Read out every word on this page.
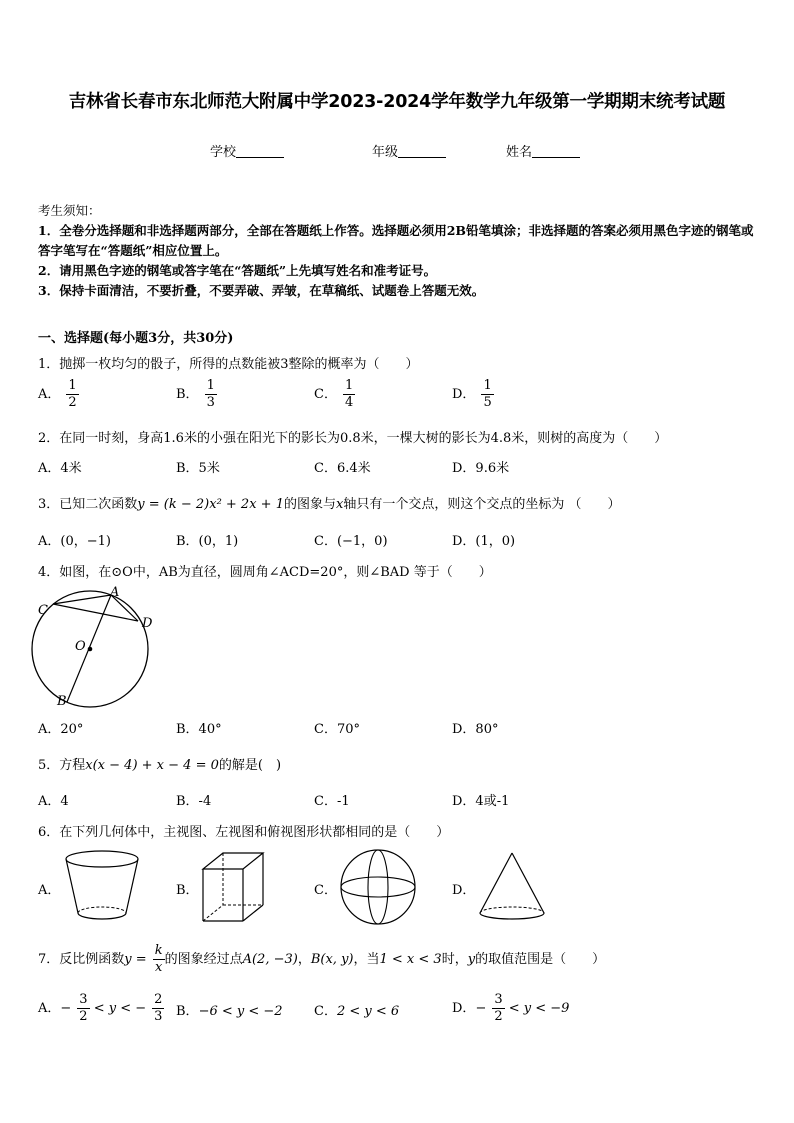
吉林省长春市东北师范大附属中学2023-2024学年数学九年级第一学期期末统考试题
学校	年级	姓名
考生须知：
1．全卷分选择题和非选择题两部分，全部在答题纸上作答。选择题必须用2B铅笔填涂；非选择题的答案必须用黑色字迹的钢笔或答字笔写在“答题纸”相应位置上。
2．请用黑色字迹的钢笔或答字笔在“答题纸”上先填写姓名和准考证号。
3．保持卡面清洁，不要折叠，不要弄破、弄皱，在草稿纸、试题卷上答题无效。
一、选择题(每小题3分，共30分)
1．抛掷一枚均匀的骰子，所得的点数能被3整除的概率为（　　）
A． $\frac{1}{2}$	B． $\frac{1}{3}$	C． $\frac{1}{4}$	D． $\frac{1}{5}$
2．在同一时刻，身高1.6米的小强在阳光下的影长为0.8米，一棵大树的影长为4.8米，则树的高度为（　　）
A．4米	B．5米	C．6.4米	D．9.6米
3．已知二次函数y = (k − 2)x² + 2x + 1的图象与x轴只有一个交点，则这个交点的坐标为 （　　）
A．(0，−1)	B．(0，1)	C．(−1，0)	D．(1，0)
4．如图，在⊙O中，AB为直径，圆周角∠ACD=20°，则∠BAD 等于（　　）
C
A
D
O
B
A．20°	B．40°	C．70°	D．80°
5．方程x(x − 4) + x − 4 = 0的解是(　)
A．4	B．-4	C．-1	D．4或-1
6．在下列几何体中，主视图、左视图和俯视图形状都相同的是（　　）
A．	B．	C．	D．
7．反比例函数$y = \frac{k}{x}$ 的图象经过点A(2, −3)，B(x, y)，当1 < x < 3时，y的取值范围是（　　）
A．− $\frac{3}{2} < y$ < − $\frac{2}{3}$ B．−6 < y < −2 C．2 < y < 6	D．− $\frac{3}{2} < y < -9$
